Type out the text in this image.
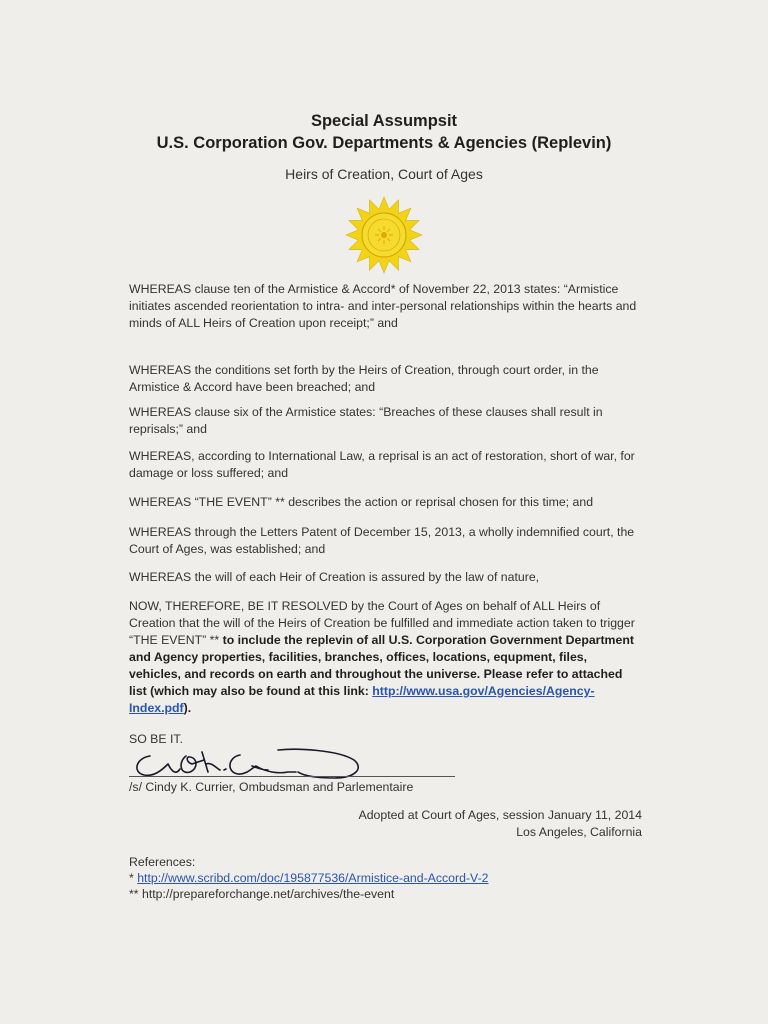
Special Assumpsit
U.S. Corporation Gov. Departments & Agencies (Replevin)
Heirs of Creation, Court of Ages

WHEREAS clause ten of the Armistice & Accord* of November 22, 2013 states: “Armistice initiates ascended reorientation to intra- and inter-personal relationships within the hearts and minds of ALL Heirs of Creation upon receipt;” and

WHEREAS the conditions set forth by the Heirs of Creation, through court order, in the Armistice & Accord have been breached; and

WHEREAS clause six of the Armistice states: “Breaches of these clauses shall result in reprisals;” and

WHEREAS, according to International Law, a reprisal is an act of restoration, short of war, for damage or loss suffered; and

WHEREAS “THE EVENT” ** describes the action or reprisal chosen for this time; and

WHEREAS through the Letters Patent of December 15, 2013, a wholly indemnified court, the Court of Ages, was established; and

WHEREAS the will of each Heir of Creation is assured by the law of nature,

NOW, THEREFORE, BE IT RESOLVED by the Court of Ages on behalf of ALL Heirs of Creation that the will of the Heirs of Creation be fulfilled and immediate action taken to trigger “THE EVENT” ** to include the replevin of all U.S. Corporation Government Department and Agency properties, facilities, branches, offices, locations, equpment, files, vehicles, and records on earth and throughout the universe. Please refer to attached list (which may also be found at this link: http://www.usa.gov/Agencies/Agency-Index.pdf).

SO BE IT.
/s/ Cindy K. Currier, Ombudsman and Parlementaire
Adopted at Court of Ages, session January 11, 2014
Los Angeles, California
References:
* http://www.scribd.com/doc/195877536/Armistice-and-Accord-V-2
** http://prepareforchange.net/archives/the-event
